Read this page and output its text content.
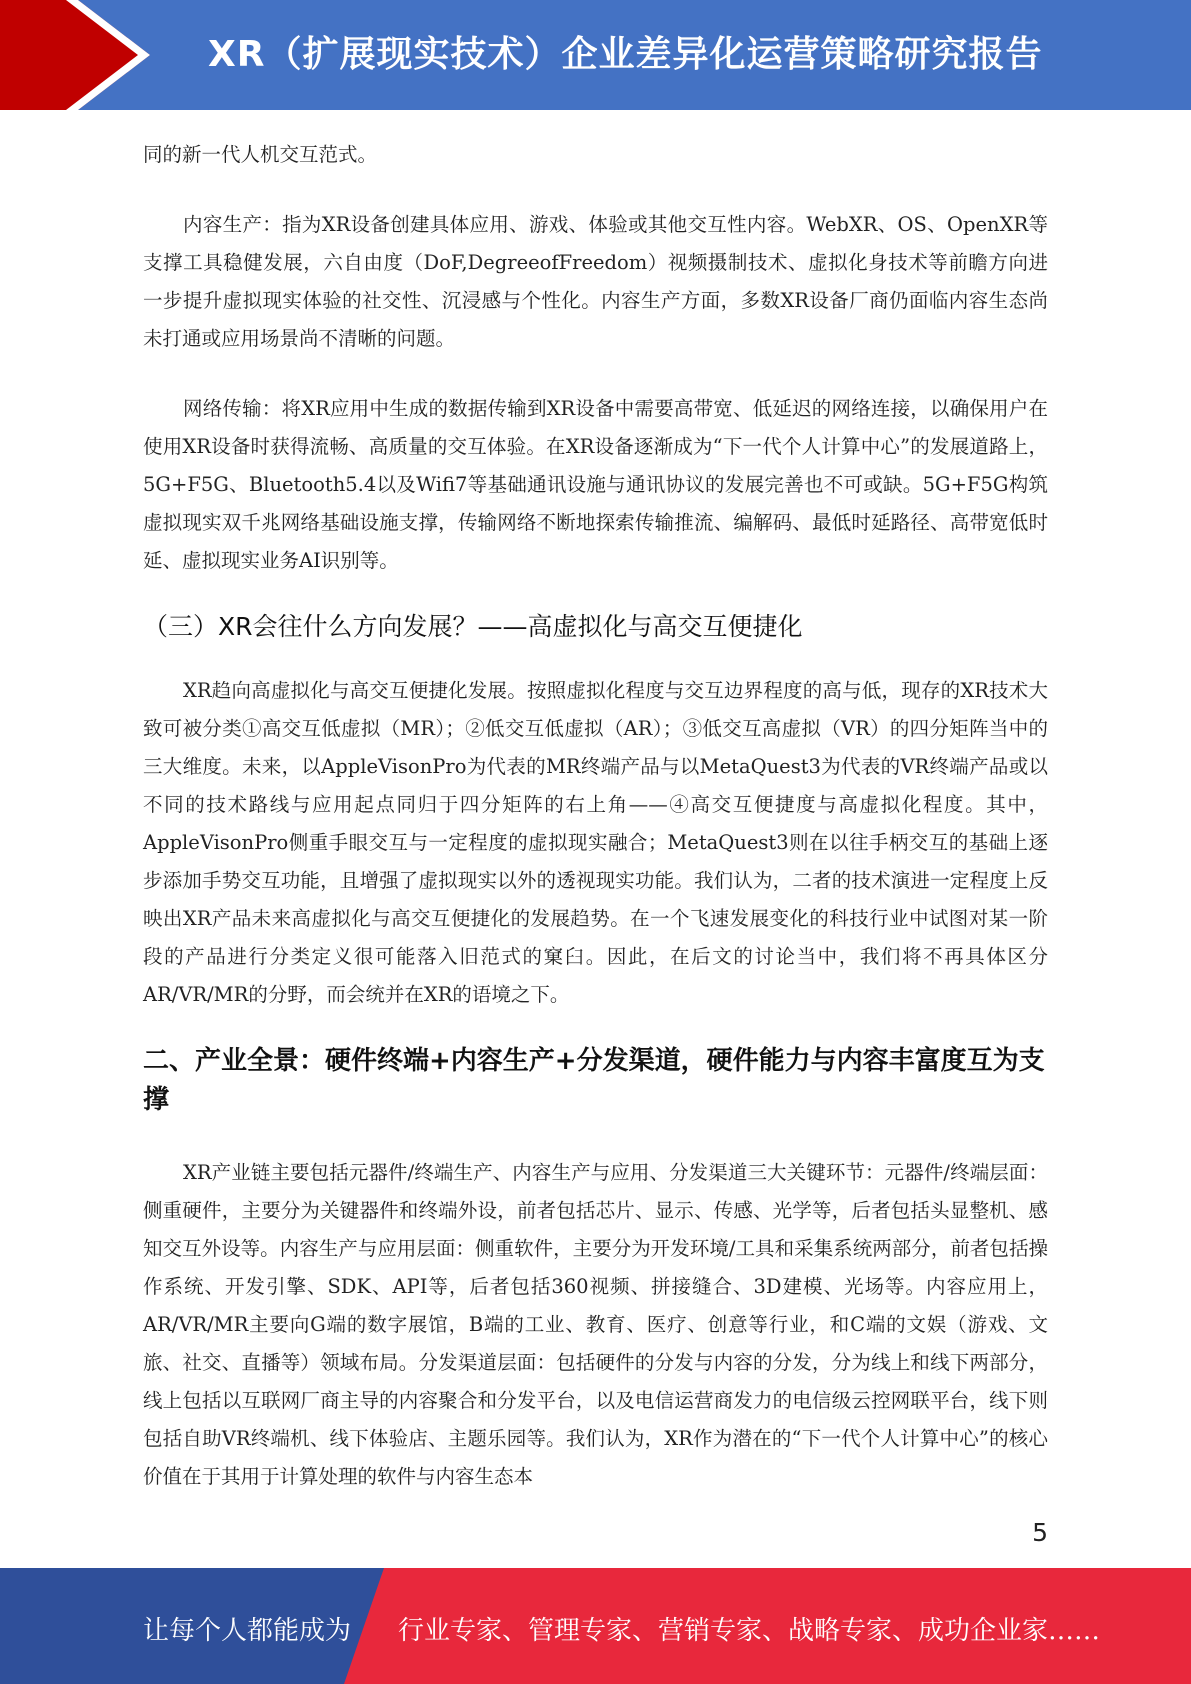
XR（扩展现实技术）企业差异化运营策略研究报告

同的新一代人机交互范式。

内容生产：指为XR设备创建具体应用、游戏、体验或其他交互性内容。WebXR、OS、OpenXR等支撑工具稳健发展，六自由度（DoF,DegreeofFreedom）视频摄制技术、虚拟化身技术等前瞻方向进一步提升虚拟现实体验的社交性、沉浸感与个性化。内容生产方面，多数XR设备厂商仍面临内容生态尚未打通或应用场景尚不清晰的问题。

网络传输：将XR应用中生成的数据传输到XR设备中需要高带宽、低延迟的网络连接，以确保用户在使用XR设备时获得流畅、高质量的交互体验。在XR设备逐渐成为“下一代个人计算中心”的发展道路上，5G+F5G、Bluetooth5.4以及Wifi7等基础通讯设施与通讯协议的发展完善也不可或缺。5G+F5G构筑虚拟现实双千兆网络基础设施支撑，传输网络不断地探索传输推流、编解码、最低时延路径、高带宽低时延、虚拟现实业务AI识别等。

（三）XR会往什么方向发展？——高虚拟化与高交互便捷化

XR趋向高虚拟化与高交互便捷化发展。按照虚拟化程度与交互边界程度的高与低，现存的XR技术大致可被分类①高交互低虚拟（MR）；②低交互低虚拟（AR）；③低交互高虚拟（VR）的四分矩阵当中的三大维度。未来，以AppleVisonPro为代表的MR终端产品与以MetaQuest3为代表的VR终端产品或以不同的技术路线与应用起点同归于四分矩阵的右上角——④高交互便捷度与高虚拟化程度。其中，AppleVisonPro侧重手眼交互与一定程度的虚拟现实融合；MetaQuest3则在以往手柄交互的基础上逐步添加手势交互功能，且增强了虚拟现实以外的透视现实功能。我们认为，二者的技术演进一定程度上反映出XR产品未来高虚拟化与高交互便捷化的发展趋势。在一个飞速发展变化的科技行业中试图对某一阶段的产品进行分类定义很可能落入旧范式的窠臼。因此，在后文的讨论当中，我们将不再具体区分AR/VR/MR的分野，而会统并在XR的语境之下。

二、产业全景：硬件终端+内容生产+分发渠道，硬件能力与内容丰富度互为支撑

XR产业链主要包括元器件/终端生产、内容生产与应用、分发渠道三大关键环节：元器件/终端层面：侧重硬件，主要分为关键器件和终端外设，前者包括芯片、显示、传感、光学等，后者包括头显整机、感知交互外设等。内容生产与应用层面：侧重软件，主要分为开发环境/工具和采集系统两部分，前者包括操作系统、开发引擎、SDK、API等，后者包括360视频、拼接缝合、3D建模、光场等。内容应用上，AR/VR/MR主要向G端的数字展馆，B端的工业、教育、医疗、创意等行业，和C端的文娱（游戏、文旅、社交、直播等）领域布局。分发渠道层面：包括硬件的分发与内容的分发，分为线上和线下两部分，线上包括以互联网厂商主导的内容聚合和分发平台，以及电信运营商发力的电信级云控网联平台，线下则包括自助VR终端机、线下体验店、主题乐园等。我们认为，XR作为潜在的“下一代个人计算中心”的核心价值在于其用于计算处理的软件与内容生态本

5
让每个人都能成为 行业专家、管理专家、营销专家、战略专家、成功企业家……
